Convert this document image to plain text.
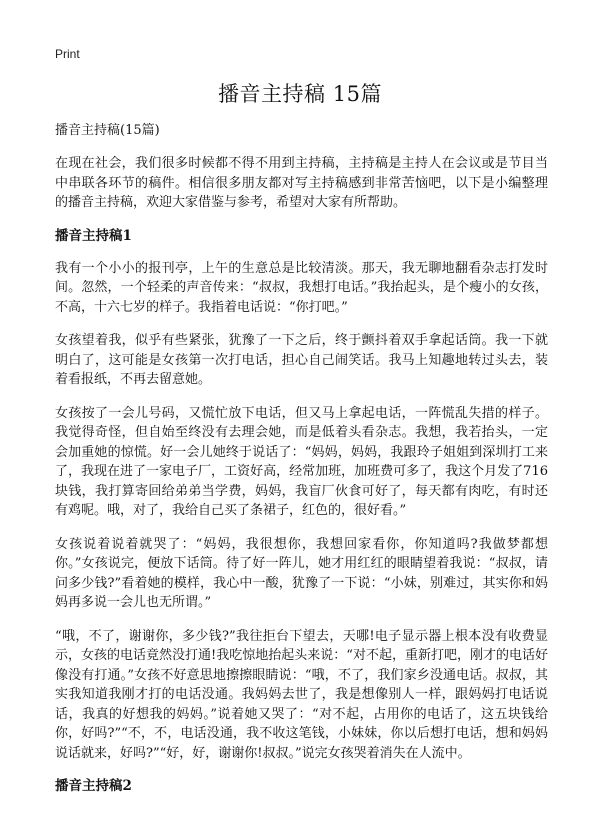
Print
播音主持稿 15篇
播音主持稿(15篇)

在现在社会，我们很多时候都不得不用到主持稿，主持稿是主持人在会议或是节目当中串联各环节的稿件。相信很多朋友都对写主持稿感到非常苦恼吧，以下是小编整理的播音主持稿，欢迎大家借鉴与参考，希望对大家有所帮助。

播音主持稿1

我有一个小小的报刊亭，上午的生意总是比较清淡。那天，我无聊地翻看杂志打发时间。忽然，一个轻柔的声音传来：“叔叔，我想打电话。”我抬起头，是个瘦小的女孩，不高，十六七岁的样子。我指着电话说：“你打吧。”

女孩望着我，似乎有些紧张，犹豫了一下之后，终于颤抖着双手拿起话筒。我一下就明白了，这可能是女孩第一次打电话，担心自己闹笑话。我马上知趣地转过头去，装着看报纸，不再去留意她。

女孩按了一会儿号码，又慌忙放下电话，但又马上拿起电话，一阵慌乱失措的样子。我觉得奇怪，但自始至终没有去理会她，而是低着头看杂志。我想，我若抬头，一定会加重她的惊慌。好一会儿她终于说话了：“妈妈，妈妈，我跟玲子姐姐到深圳打工来了，我现在进了一家电子厂，工资好高，经常加班，加班费可多了，我这个月发了716块钱，我打算寄回给弟弟当学费，妈妈，我盲厂伙食可好了，每天都有肉吃，有时还有鸡呢。哦，对了，我给自己买了条裙子，红色的，很好看。”

女孩说着说着就哭了：“妈妈，我很想你，我想回家看你，你知道吗?我做梦都想你。”女孩说完，便放下话筒。待了好一阵儿，她才用红红的眼睛望着我说：“叔叔，请问多少钱?”看着她的模样，我心中一酸，犹豫了一下说：“小妹，别难过，其实你和妈妈再多说一会儿也无所谓。”

“哦，不了，谢谢你，多少钱?”我往拒台下望去，天哪!电子显示器上根本没有收费显示，女孩的电话竟然没打通!我吃惊地抬起头来说：“对不起，重新打吧，刚才的电话好像没有打通。”女孩不好意思地擦擦眼睛说：“哦，不了，我们家乡没通电话。叔叔，其实我知道我刚才打的电话没通。我妈妈去世了，我是想像别人一样，跟妈妈打电话说话，我真的好想我的妈妈。”说着她又哭了：“对不起，占用你的电话了，这五块钱给你，好吗?”“不，不，电话没通，我不收这笔钱，小妹妹，你以后想打电话，想和妈妈说话就来，好吗?”“好，好，谢谢你!叔叔。”说完女孩哭着消失在人流中。

播音主持稿2
